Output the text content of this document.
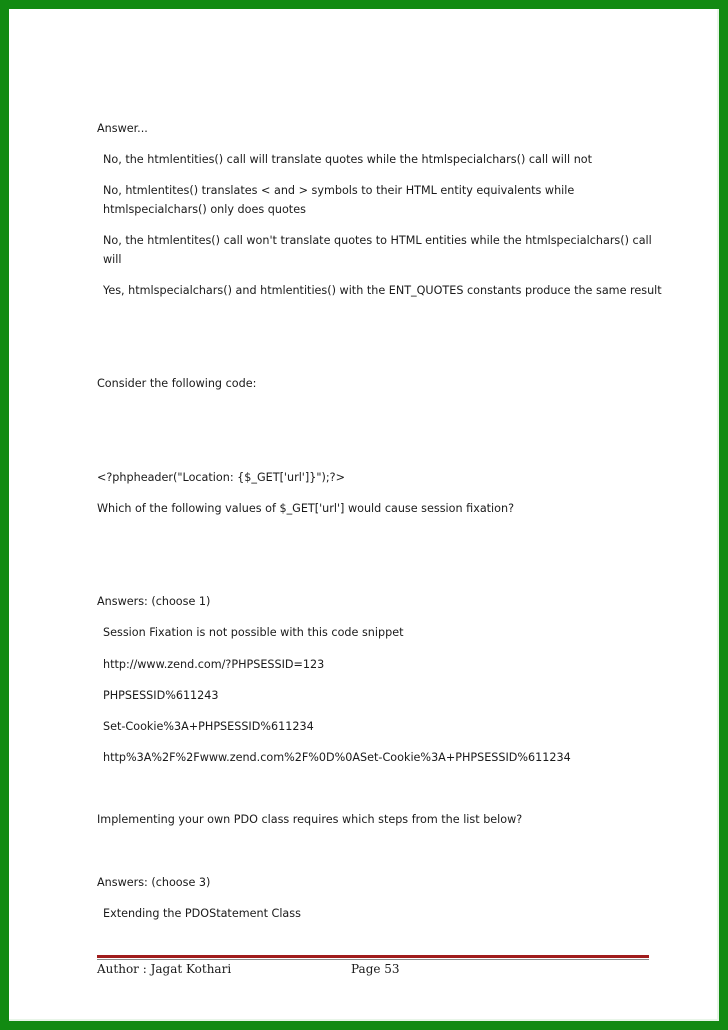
Answer...
No, the htmlentities() call will translate quotes while the htmlspecialchars() call will not
No, htmlentites() translates < and > symbols to their HTML entity equivalents while htmlspecialchars() only does quotes
No, the htmlentites() call won't translate quotes to HTML entities while the htmlspecialchars() call will
Yes, htmlspecialchars() and htmlentities() with the ENT_QUOTES constants produce the same result
Consider the following code:
<?phpheader("Location: {$_GET['url']}");?>
Which of the following values of $_GET['url'] would cause session fixation?
Answers: (choose 1)
Session Fixation is not possible with this code snippet
http://www.zend.com/?PHPSESSID=123
PHPSESSID%611243
Set-Cookie%3A+PHPSESSID%611234
http%3A%2F%2Fwww.zend.com%2F%0D%0ASet-Cookie%3A+PHPSESSID%611234
Implementing your own PDO class requires which steps from the list below?
Answers: (choose 3)
Extending the PDOStatement Class
Author : Jagat Kothari	Page 53
